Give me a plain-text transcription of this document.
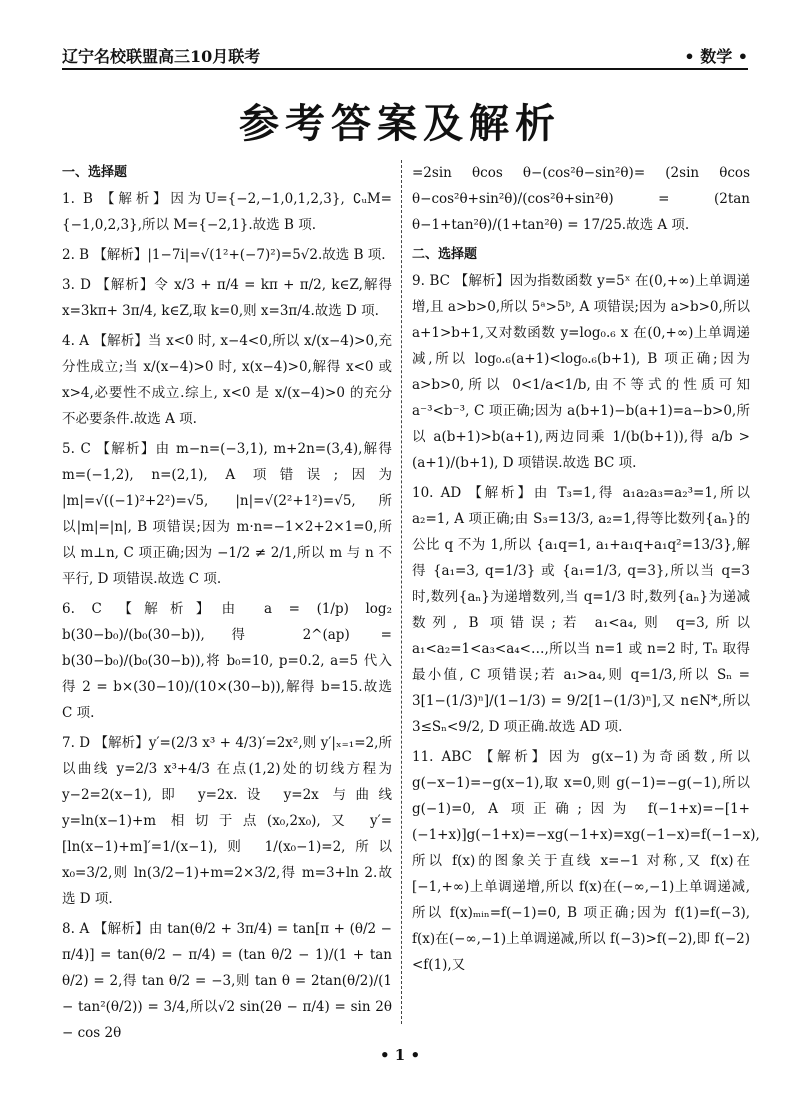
辽宁名校联盟高三10月联考	• 数学 •
参考答案及解析
一、选择题
1. B 【解析】因为U={−2,−1,0,1,2,3}, ∁ᵤM={−1,0,2,3},所以 M={−2,1}.故选 B 项.
2. B 【解析】|1−7i|=√(1²+(−7)²)=5√2.故选 B 项.
3. D 【解析】令 x/3 + π/4 = kπ + π/2, k∈Z,解得 x=3kπ+ 3π/4, k∈Z,取 k=0,则 x=3π/4.故选 D 项.
4. A 【解析】当 x<0 时, x−4<0,所以 x/(x−4)>0,充分性成立;当 x/(x−4)>0 时, x(x−4)>0,解得 x<0 或 x>4,必要性不成立.综上, x<0 是 x/(x−4)>0 的充分不必要条件.故选 A 项.
5. C 【解析】由 m−n=(−3,1), m+2n=(3,4),解得 m=(−1,2), n=(2,1), A 项错误;因为 |m|=√((−1)²+2²)=√5, |n|=√(2²+1²)=√5,所以|m|=|n|, B 项错误;因为 m·n=−1×2+2×1=0,所以 m⊥n, C 项正确;因为 −1/2 ≠ 2/1,所以 m 与 n 不平行, D 项错误.故选 C 项.
6. C 【解析】由 a = (1/p) log₂ b(30−b₀)/(b₀(30−b)),得 2^(ap) = b(30−b₀)/(b₀(30−b)),将 b₀=10, p=0.2, a=5 代入得 2 = b×(30−10)/(10×(30−b)),解得 b=15.故选 C 项.
7. D 【解析】y′=(2/3 x³ + 4/3)′=2x²,则 y′|ₓ₌₁=2,所以曲线 y=2/3 x³+4/3 在点(1,2)处的切线方程为 y−2=2(x−1),即 y=2x.设 y=2x 与曲线 y=ln(x−1)+m 相切于点(x₀,2x₀),又 y′=[ln(x−1)+m]′=1/(x−1),则 1/(x₀−1)=2,所以 x₀=3/2,则 ln(3/2−1)+m=2×3/2,得 m=3+ln 2.故选 D 项.
8. A 【解析】由 tan(θ/2 + 3π/4) = tan[π + (θ/2 − π/4)] = tan(θ/2 − π/4) = (tan θ/2 − 1)/(1 + tan θ/2) = 2,得 tan θ/2 = −3,则 tan θ = 2tan(θ/2)/(1 − tan²(θ/2)) = 3/4,所以√2 sin(2θ − π/4) = sin 2θ − cos 2θ
=2sin θcos θ−(cos²θ−sin²θ)= (2sin θcos θ−cos²θ+sin²θ)/(cos²θ+sin²θ) = (2tan θ−1+tan²θ)/(1+tan²θ) = 17/25.故选 A 项.
二、选择题
9. BC 【解析】因为指数函数 y=5ˣ 在(0,+∞)上单调递增,且 a>b>0,所以 5ᵃ>5ᵇ, A 项错误;因为 a>b>0,所以 a+1>b+1,又对数函数 y=log₀.₆ x 在(0,+∞)上单调递减,所以 log₀.₆(a+1)<log₀.₆(b+1), B 项正确;因为 a>b>0,所以 0<1/a<1/b,由不等式的性质可知 a⁻³<b⁻³, C 项正确;因为 a(b+1)−b(a+1)=a−b>0,所以 a(b+1)>b(a+1),两边同乘 1/(b(b+1)),得 a/b > (a+1)/(b+1), D 项错误.故选 BC 项.
10. AD 【解析】由 T₃=1,得 a₁a₂a₃=a₂³=1,所以 a₂=1, A 项正确;由 S₃=13/3, a₂=1,得等比数列{aₙ}的公比 q 不为 1,所以 {a₁q=1, a₁+a₁q+a₁q²=13/3},解得 {a₁=3, q=1/3} 或 {a₁=1/3, q=3},所以当 q=3 时,数列{aₙ}为递增数列,当 q=1/3 时,数列{aₙ}为递减数列, B 项错误;若 a₁<a₄,则 q=3,所以 a₁<a₂=1<a₃<a₄<…,所以当 n=1 或 n=2 时, Tₙ 取得最小值, C 项错误;若 a₁>a₄,则 q=1/3,所以 Sₙ = 3[1−(1/3)ⁿ]/(1−1/3) = 9/2[1−(1/3)ⁿ],又 n∈N*,所以 3≤Sₙ<9/2, D 项正确.故选 AD 项.
11. ABC 【解析】因为 g(x−1)为奇函数,所以 g(−x−1)=−g(x−1),取 x=0,则 g(−1)=−g(−1),所以 g(−1)=0, A 项正确;因为 f(−1+x)=−[1+(−1+x)]g(−1+x)=−xg(−1+x)=xg(−1−x)=f(−1−x),所以 f(x)的图象关于直线 x=−1 对称,又 f(x)在[−1,+∞)上单调递增,所以 f(x)在(−∞,−1)上单调递减,所以 f(x)ₘᵢₙ=f(−1)=0, B 项正确;因为 f(1)=f(−3), f(x)在(−∞,−1)上单调递减,所以 f(−3)>f(−2),即 f(−2)<f(1),又
• 1 •
